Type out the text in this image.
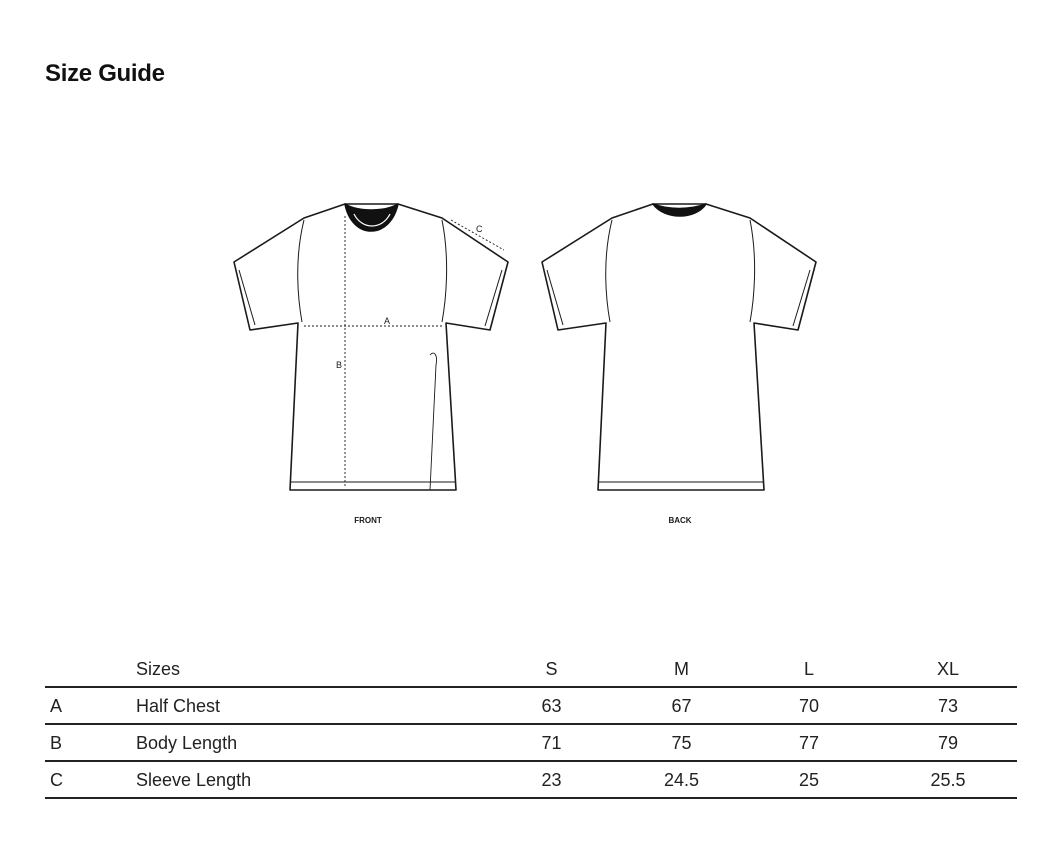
Size Guide
A
B
C
FRONT	BACK
	Sizes	S	M	L	XL
A	Half Chest	63	67	70	73
B	Body Length	71	75	77	79
C	Sleeve Length	23	24.5	25	25.5
